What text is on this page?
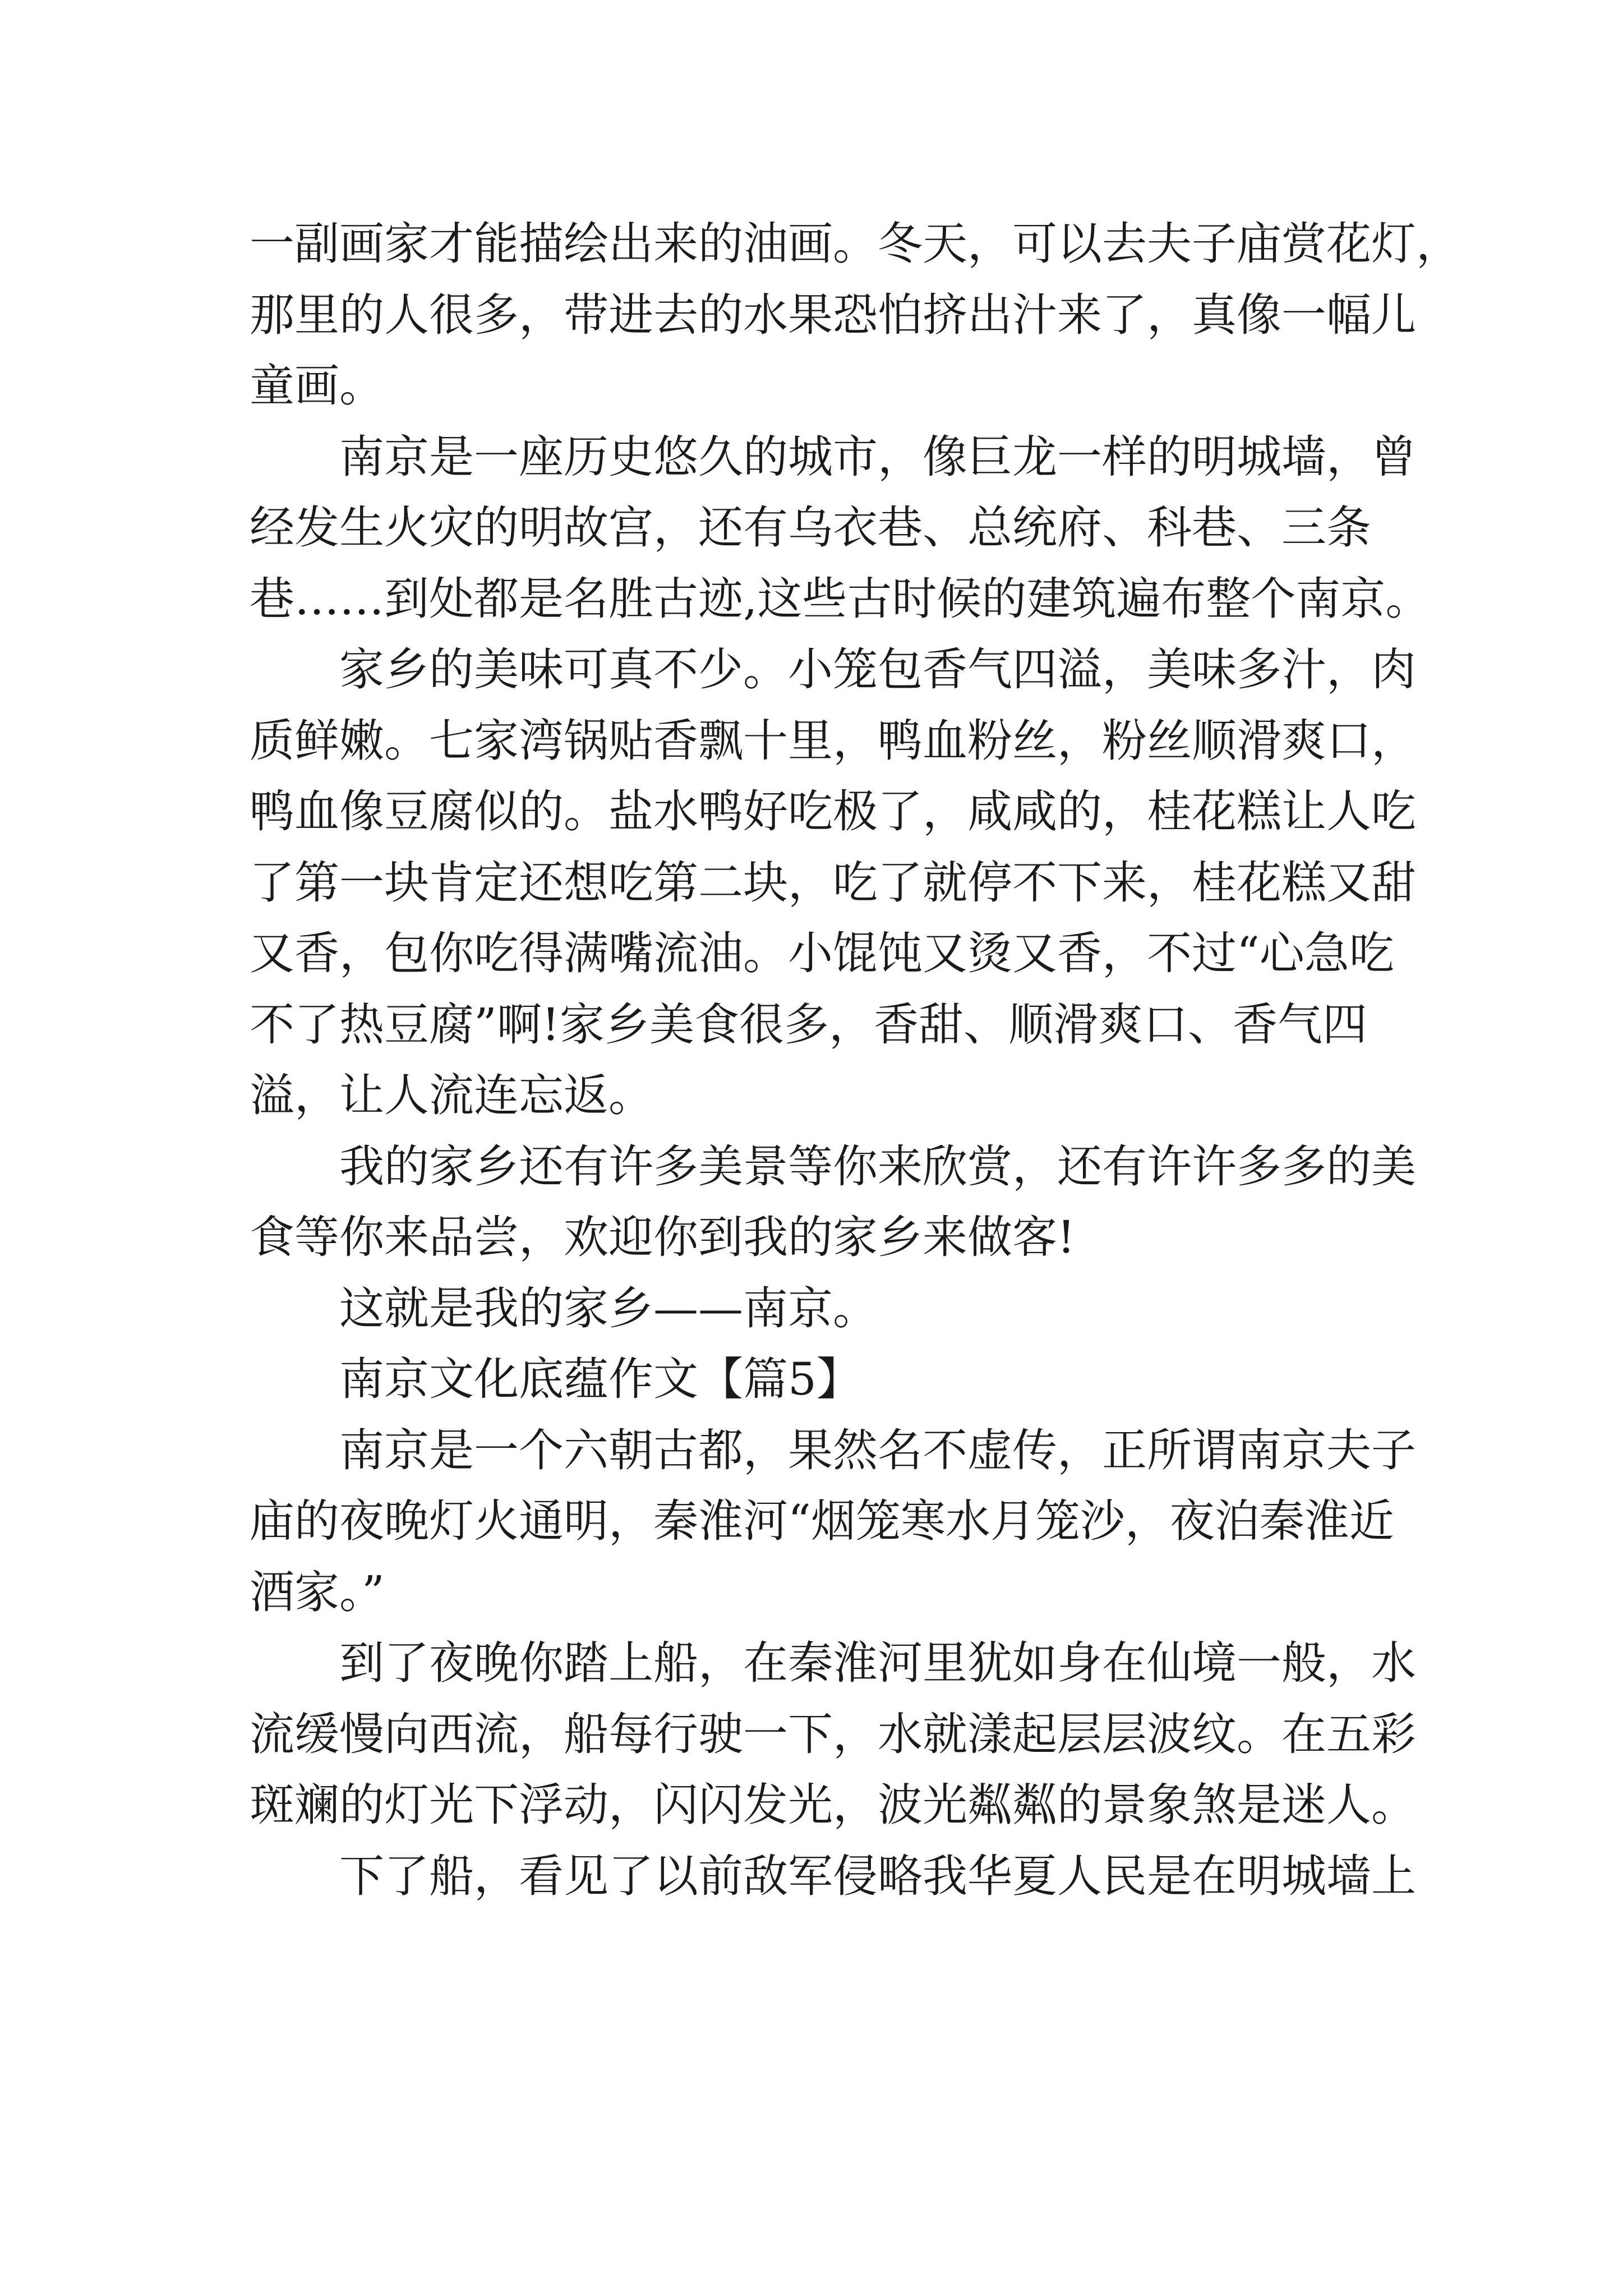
一副画家才能描绘出来的油画。冬天，可以去夫子庙赏花灯，
那里的人很多，带进去的水果恐怕挤出汁来了，真像一幅儿
童画。
南京是一座历史悠久的城市，像巨龙一样的明城墙，曾
经发生火灾的明故宫，还有乌衣巷、总统府、科巷、三条
巷……到处都是名胜古迹,这些古时候的建筑遍布整个南京。
家乡的美味可真不少。小笼包香气四溢，美味多汁，肉
质鲜嫩。七家湾锅贴香飘十里，鸭血粉丝，粉丝顺滑爽口，
鸭血像豆腐似的。盐水鸭好吃极了，咸咸的，桂花糕让人吃
了第一块肯定还想吃第二块，吃了就停不下来，桂花糕又甜
又香，包你吃得满嘴流油。小馄饨又烫又香，不过“心急吃
不了热豆腐”啊!家乡美食很多，香甜、顺滑爽口、香气四
溢，让人流连忘返。
我的家乡还有许多美景等你来欣赏，还有许许多多的美
食等你来品尝，欢迎你到我的家乡来做客!
这就是我的家乡——南京。
南京文化底蕴作文【篇5】
南京是一个六朝古都，果然名不虚传，正所谓南京夫子
庙的夜晚灯火通明，秦淮河“烟笼寒水月笼沙，夜泊秦淮近
酒家。”
到了夜晚你踏上船，在秦淮河里犹如身在仙境一般，水
流缓慢向西流，船每行驶一下，水就漾起层层波纹。在五彩
斑斓的灯光下浮动，闪闪发光，波光粼粼的景象煞是迷人。
下了船，看见了以前敌军侵略我华夏人民是在明城墙上
